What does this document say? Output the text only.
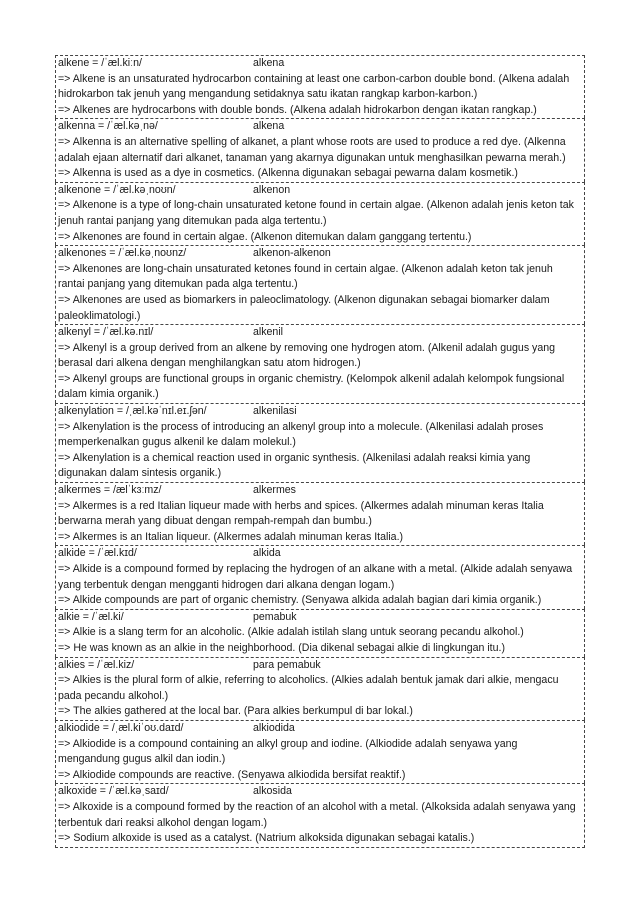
alkene = /ˈæl.kiːn/	alkena
=> Alkene is an unsaturated hydrocarbon containing at least one carbon-carbon double bond. (Alkena adalah hidrokarbon tak jenuh yang mengandung setidaknya satu ikatan rangkap karbon-karbon.)
=> Alkenes are hydrocarbons with double bonds. (Alkena adalah hidrokarbon dengan ikatan rangkap.)
alkenna = /ˈæl.kəˌnə/	alkena
=> Alkenna is an alternative spelling of alkanet, a plant whose roots are used to produce a red dye. (Alkenna adalah ejaan alternatif dari alkanet, tanaman yang akarnya digunakan untuk menghasilkan pewarna merah.)
=> Alkenna is used as a dye in cosmetics. (Alkenna digunakan sebagai pewarna dalam kosmetik.)
alkenone = /ˈæl.kəˌnoʊn/	alkenon
=> Alkenone is a type of long-chain unsaturated ketone found in certain algae. (Alkenon adalah jenis keton tak jenuh rantai panjang yang ditemukan pada alga tertentu.)
=> Alkenones are found in certain algae. (Alkenon ditemukan dalam ganggang tertentu.)
alkenones = /ˈæl.kəˌnoʊnz/	alkenon-alkenon
=> Alkenones are long-chain unsaturated ketones found in certain algae. (Alkenon adalah keton tak jenuh rantai panjang yang ditemukan pada alga tertentu.)
=> Alkenones are used as biomarkers in paleoclimatology. (Alkenon digunakan sebagai biomarker dalam paleoklimatologi.)
alkenyl = /ˈæl.kə.nɪl/	alkenil
=> Alkenyl is a group derived from an alkene by removing one hydrogen atom. (Alkenil adalah gugus yang berasal dari alkena dengan menghilangkan satu atom hidrogen.)
=> Alkenyl groups are functional groups in organic chemistry. (Kelompok alkenil adalah kelompok fungsional dalam kimia organik.)
alkenylation = /ˌæl.kəˈnɪl.eɪ.ʃən/	alkenilasi
=> Alkenylation is the process of introducing an alkenyl group into a molecule. (Alkenilasi adalah proses memperkenalkan gugus alkenil ke dalam molekul.)
=> Alkenylation is a chemical reaction used in organic synthesis. (Alkenilasi adalah reaksi kimia yang digunakan dalam sintesis organik.)
alkermes = /ælˈkɜːmz/	alkermes
=> Alkermes is a red Italian liqueur made with herbs and spices. (Alkermes adalah minuman keras Italia berwarna merah yang dibuat dengan rempah-rempah dan bumbu.)
=> Alkermes is an Italian liqueur. (Alkermes adalah minuman keras Italia.)
alkide = /ˈæl.kɪd/	alkida
=> Alkide is a compound formed by replacing the hydrogen of an alkane with a metal. (Alkide adalah senyawa yang terbentuk dengan mengganti hidrogen dari alkana dengan logam.)
=> Alkide compounds are part of organic chemistry. (Senyawa alkida adalah bagian dari kimia organik.)
alkie = /ˈæl.ki/	pemabuk
=> Alkie is a slang term for an alcoholic. (Alkie adalah istilah slang untuk seorang pecandu alkohol.)
=> He was known as an alkie in the neighborhood. (Dia dikenal sebagai alkie di lingkungan itu.)
alkies = /ˈæl.kiz/	para pemabuk
=> Alkies is the plural form of alkie, referring to alcoholics. (Alkies adalah bentuk jamak dari alkie, mengacu pada pecandu alkohol.)
=> The alkies gathered at the local bar. (Para alkies berkumpul di bar lokal.)
alkiodide = /ˌæl.kiˈoʊ.daɪd/	alkiodida
=> Alkiodide is a compound containing an alkyl group and iodine. (Alkiodide adalah senyawa yang mengandung gugus alkil dan iodin.)
=> Alkiodide compounds are reactive. (Senyawa alkiodida bersifat reaktif.)
alkoxide = /ˈæl.kəˌsaɪd/	alkosida
=> Alkoxide is a compound formed by the reaction of an alcohol with a metal. (Alkoksida adalah senyawa yang terbentuk dari reaksi alkohol dengan logam.)
=> Sodium alkoxide is used as a catalyst. (Natrium alkoksida digunakan sebagai katalis.)
